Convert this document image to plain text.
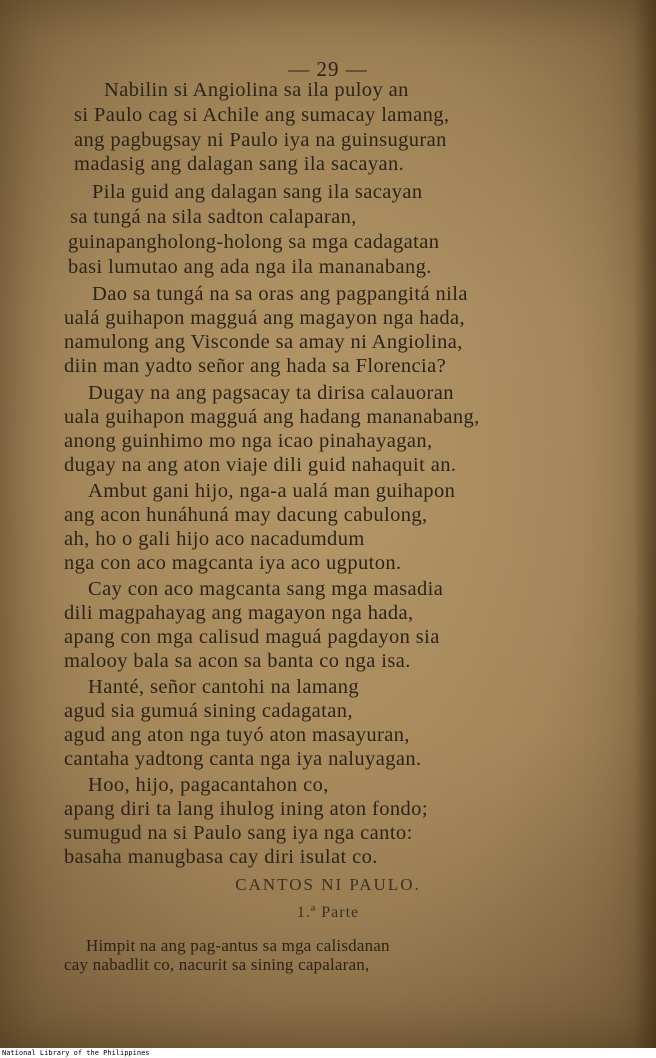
— 29 —
Nabilin si Angiolina sa ila puloy an
si Paulo cag si Achile ang sumacay lamang,
ang pagbugsay ni Paulo iya na guinsuguran
madasig ang dalagan sang ila sacayan.
Pila guid ang dalagan sang ila sacayan
sa tungá na sila sadton calaparan,
guinapangholong-holong sa mga cadagatan
basi lumutao ang ada nga ila mananabang.
Dao sa tungá na sa oras ang pagpangitá nila
ualá guihapon magguá ang magayon nga hada,
namulong ang Visconde sa amay ni Angiolina,
diin man yadto señor ang hada sa Florencia?
Dugay na ang pagsacay ta dirisa calauoran
uala guihapon magguá ang hadang mananabang,
anong guinhimo mo nga icao pinahayagan,
dugay na ang aton viaje dili guid nahaquit an.
Ambut gani hijo, nga-a ualá man guihapon
ang acon hunáhuná may dacung cabulong,
ah, ho o gali hijo aco nacadumdum
nga con aco magcanta iya aco ugputon.
Cay con aco magcanta sang mga masadia
dili magpahayag ang magayon nga hada,
apang con mga calisud maguá pagdayon sia
malooy bala sa acon sa banta co nga isa.
Hanté, señor cantohi na lamang
agud sia gumuá sining cadagatan,
agud ang aton nga tuyó aton masayuran,
cantaha yadtong canta nga iya naluyagan.
Hoo, hijo, pagacantahon co,
apang diri ta lang ihulog ining aton fondo;
sumugud na si Paulo sang iya nga canto:
basaha manugbasa cay diri isulat co.
CANTOS NI PAULO.
1.ª Parte
Himpit na ang pag-antus sa mga calisdanan
cay nabadlit co, nacurit sa sining capalaran,
National Library of the Philippines
